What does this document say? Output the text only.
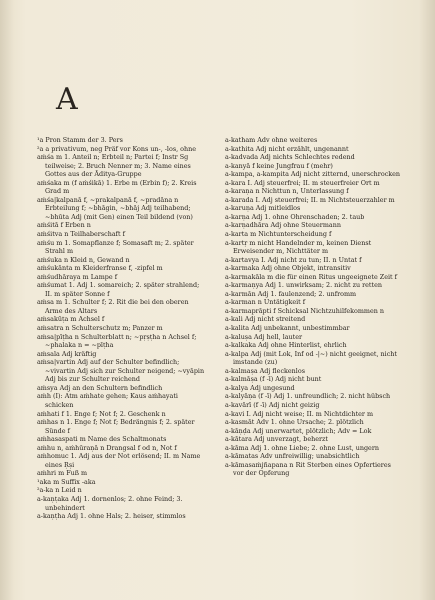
A

¹a Pron Stamm der 3. Pers

²a a privativum, neg Präf vor Kons un-, -los, ohne

aṁśa m 1. Anteil n; Erbteil n; Partei f; Instr Sg teilweise; 2. Bruch Nenner m; 3. Name eines Gottes aus der Āditya-Gruppe

aṁśaka m (f aṁśikā) 1. Erbe m (Erbin f); 2. Kreis Grad m

aṁśa|kalpanā f, ~prakalpanā f, ~pradāna n Erbteilung f; ~bhāgin, ~bhāj Adj teilhabend; ~bhūta Adj (mit Gen) einen Teil bildend (von)

aṁśitā f Erben n

aṁśitva n Teilhaberschaft f

aṁśu m 1. Somapflanze f; Somasaft m; 2. später Strahl m

aṁśuka n Kleid n, Gewand n

aṁśukānta m Kleiderfranse f, -zipfel m

aṁśudhāraya m Lampe f

aṁśumat 1. Adj 1. somareich; 2. später strahlend; II. m später Sonne f

aṁsa m 1. Schulter f; 2. Rit die bei den oberen Arme des Altars

aṁsakūṭa m Achsel f

aṁsatra n Schulterschutz m; Panzer m

aṁsa|pīṭha n Schulterblatt n; ~pṛṣṭha n Achsel f; ~phalaka n = ~pīṭha

aṁsala Adj kräftig

aṁsa|vartin Adj auf der Schulter befindlich; ~vivartin Adj sich zur Schulter neigend; ~vyāpin Adj bis zur Schulter reichend

aṁsya Adj an den Schultern befindlich

aṁh (I): Atm aṁhate gehen; Kaus aṁhayati schicken

aṁhati f 1. Enge f; Not f; 2. Geschenk n

aṁhas n 1. Enge f; Not f; Bedrängnis f; 2. später Sünde f

aṁhasaspati m Name des Schaltmonats

aṁhu n, aṁhūraṇā n Drangsal f od n, Not f

aṁhomuc 1. Adj aus der Not erlösend; II. m Name eines Ṛṣi

aṁhri m Fuß m

¹aka m Suffix -aka

²a-ka n Leid n

a-kaṇṭaka Adj 1. dornenlos; 2. ohne Feind; 3. unbehindert

a-kaṇṭha Adj 1. ohne Hals; 2. heiser, stimmlos

a-katham Adv ohne weiteres

a-kathita Adj nicht erzählt, ungenannt

a-kadvada Adj nichts Schlechtes redend

a-kanyā f keine Jungfrau f (mehr)

a-kampa, a-kampita Adj nicht zitternd, unerschrocken

a-kara I. Adj steuerfrei; II. m steuerfreier Ort m

a-karaṇa n Nichttun n, Unterlassung f

a-karada I. Adj steuerfrei; II. m Nichtsteuerzahler m

a-karuṇa Adj mitleidlos

a-karṇa Adj 1. ohne Ohrenschaden; 2. taub

a-karṇadhāra Adj ohne Steuermann

a-karta m Nichtunterscheidung f

a-kartṛ m nicht Handelnder m, keinen Dienst Erweisender m, Nichttäter m

a-kartavya I. Adj nicht zu tun; II. n Untat f

a-karmaka Adj ohne Objekt, intransitiv

a-karmakāla m die für einen Ritus ungeeignete Zeit f

a-karmaṇya Adj 1. unwirksam; 2. nicht zu retten

a-karmān Adj 1. faulenzend; 2. unfromm

a-karman n Untätigkeit f

a-karmaprāpti f Schicksal Nichtzuhilfekommen n

a-kali Adj nicht streitend

a-kalita Adj unbekannt, unbestimmbar

a-kaluṣa Adj hell, lauter

a-kalkaka Adj ohne Hinterlist, ehrlich

a-kalpa Adj (mit Lok, Inf od -|~) nicht geeignet, nicht imstande (zu)

a-kalmaṣa Adj fleckenlos

a-kalmāṣa (f -ī) Adj nicht bunt

a-kalya Adj ungesund

a-kalyāṇa (f -ī) Adj 1. unfreundlich; 2. nicht hübsch

a-kavārī (f -ī) Adj nicht geizig

a-kavi I. Adj nicht weise; II. m Nichtdichter m

a-kasmāt Adv 1. ohne Ursache; 2. plötzlich

a-kāṇḍa Adj unerwartet, plötzlich; Adv = Lok

a-kātara Adj unverzagt, beherzt

a-kāma Adj 1. ohne Liebe; 2. ohne Lust, ungern

a-kāmatas Adv unfreiwillig; unabsichtlich

a-kāmasaṁjñapana n Rit Sterben eines Opfertieres vor der Opferung
